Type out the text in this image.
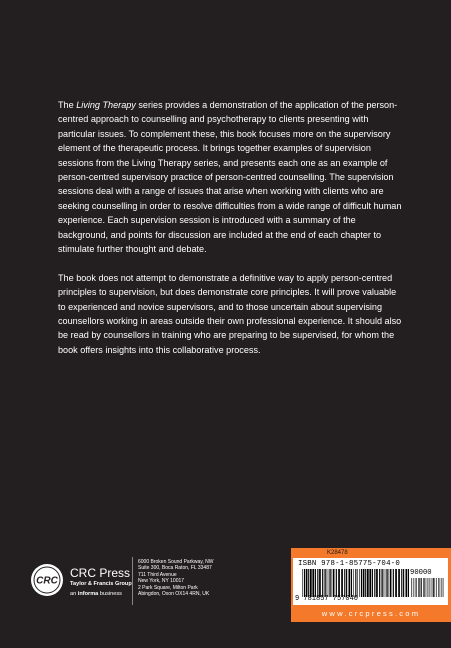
The Living Therapy series provides a demonstration of the application of the person-centred approach to counselling and psychotherapy to clients presenting with particular issues. To complement these, this book focuses more on the supervisory element of the therapeutic process. It brings together examples of supervision sessions from the Living Therapy series, and presents each one as an example of person-centred supervisory practice of person-centred counselling. The supervision sessions deal with a range of issues that arise when working with clients who are seeking counselling in order to resolve difficulties from a wide range of difficult human experience. Each supervision session is introduced with a summary of the background, and points for discussion are included at the end of each chapter to stimulate further thought and debate.

The book does not attempt to demonstrate a definitive way to apply person-centred principles to supervision, but does demonstrate core principles. It will prove valuable to experienced and novice supervisors, and to those uncertain about supervising counsellors working in areas outside their own professional experience. It should also be read by counsellors in training who are preparing to be supervised, for whom the book offers insights into this collaborative process.

CRC
CRC Press
Taylor & Francis Group
an informa business
6000 Broken Sound Parkway, NW
Suite 300, Boca Raton, FL 33487
711 Third Avenue
New York, NY 10017
2 Park Square, Milton Park
Abingdon, Oxon OX14 4RN, UK
K28478
ISBN 978-1-85775-704-0
90000
9 781857 757040
www.crcpress.com
